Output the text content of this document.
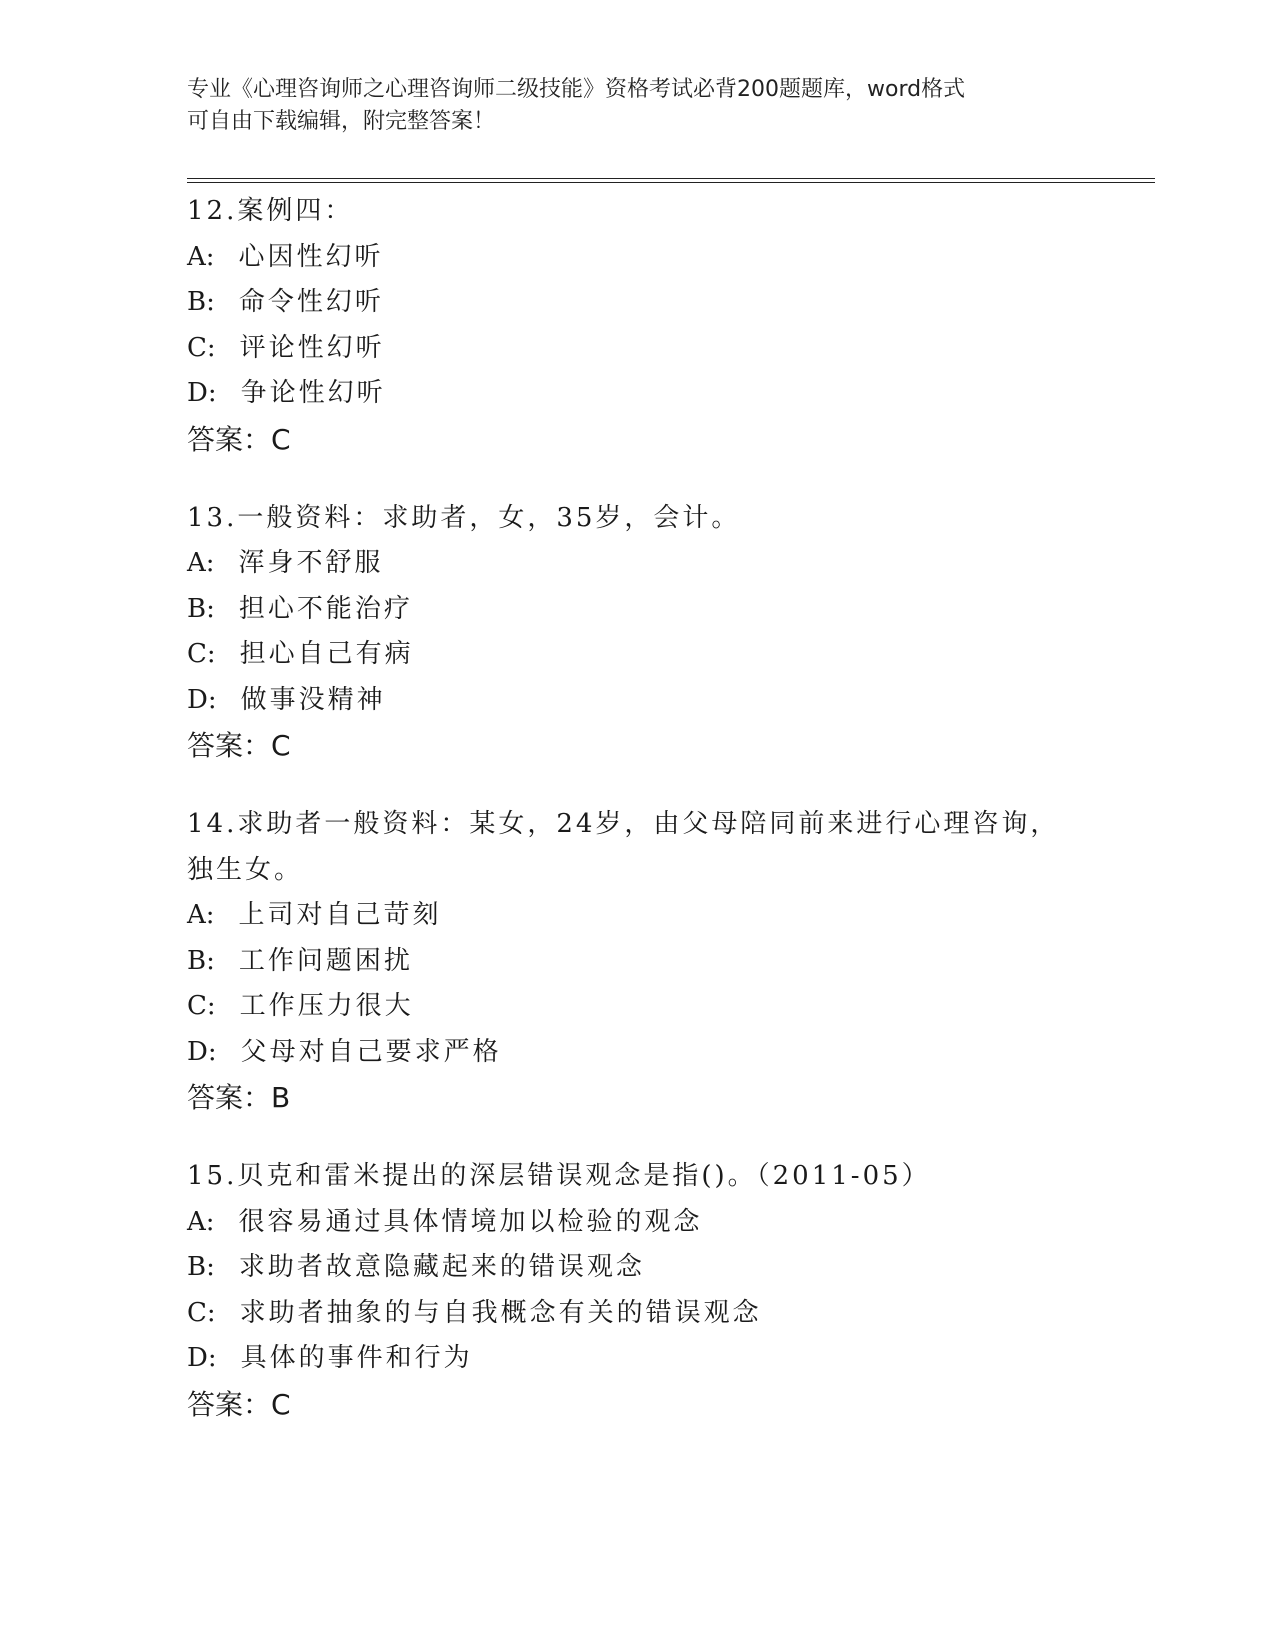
专业《心理咨询师之心理咨询师二级技能》资格考试必背200题题库，word格式
可自由下载编辑，附完整答案！
12.案例四：
A: 心因性幻听
B: 命令性幻听
C: 评论性幻听
D: 争论性幻听
答案：C
13.一般资料：求助者，女，35岁，会计。
A: 浑身不舒服
B: 担心不能治疗
C: 担心自己有病
D: 做事没精神
答案：C
14.求助者一般资料：某女，24岁，由父母陪同前来进行心理咨询，独生女。
A: 上司对自己苛刻
B: 工作问题困扰
C: 工作压力很大
D: 父母对自己要求严格
答案：B
15.贝克和雷米提出的深层错误观念是指()。（2011-05）
A: 很容易通过具体情境加以检验的观念
B: 求助者故意隐藏起来的错误观念
C: 求助者抽象的与自我概念有关的错误观念
D: 具体的事件和行为
答案：C
